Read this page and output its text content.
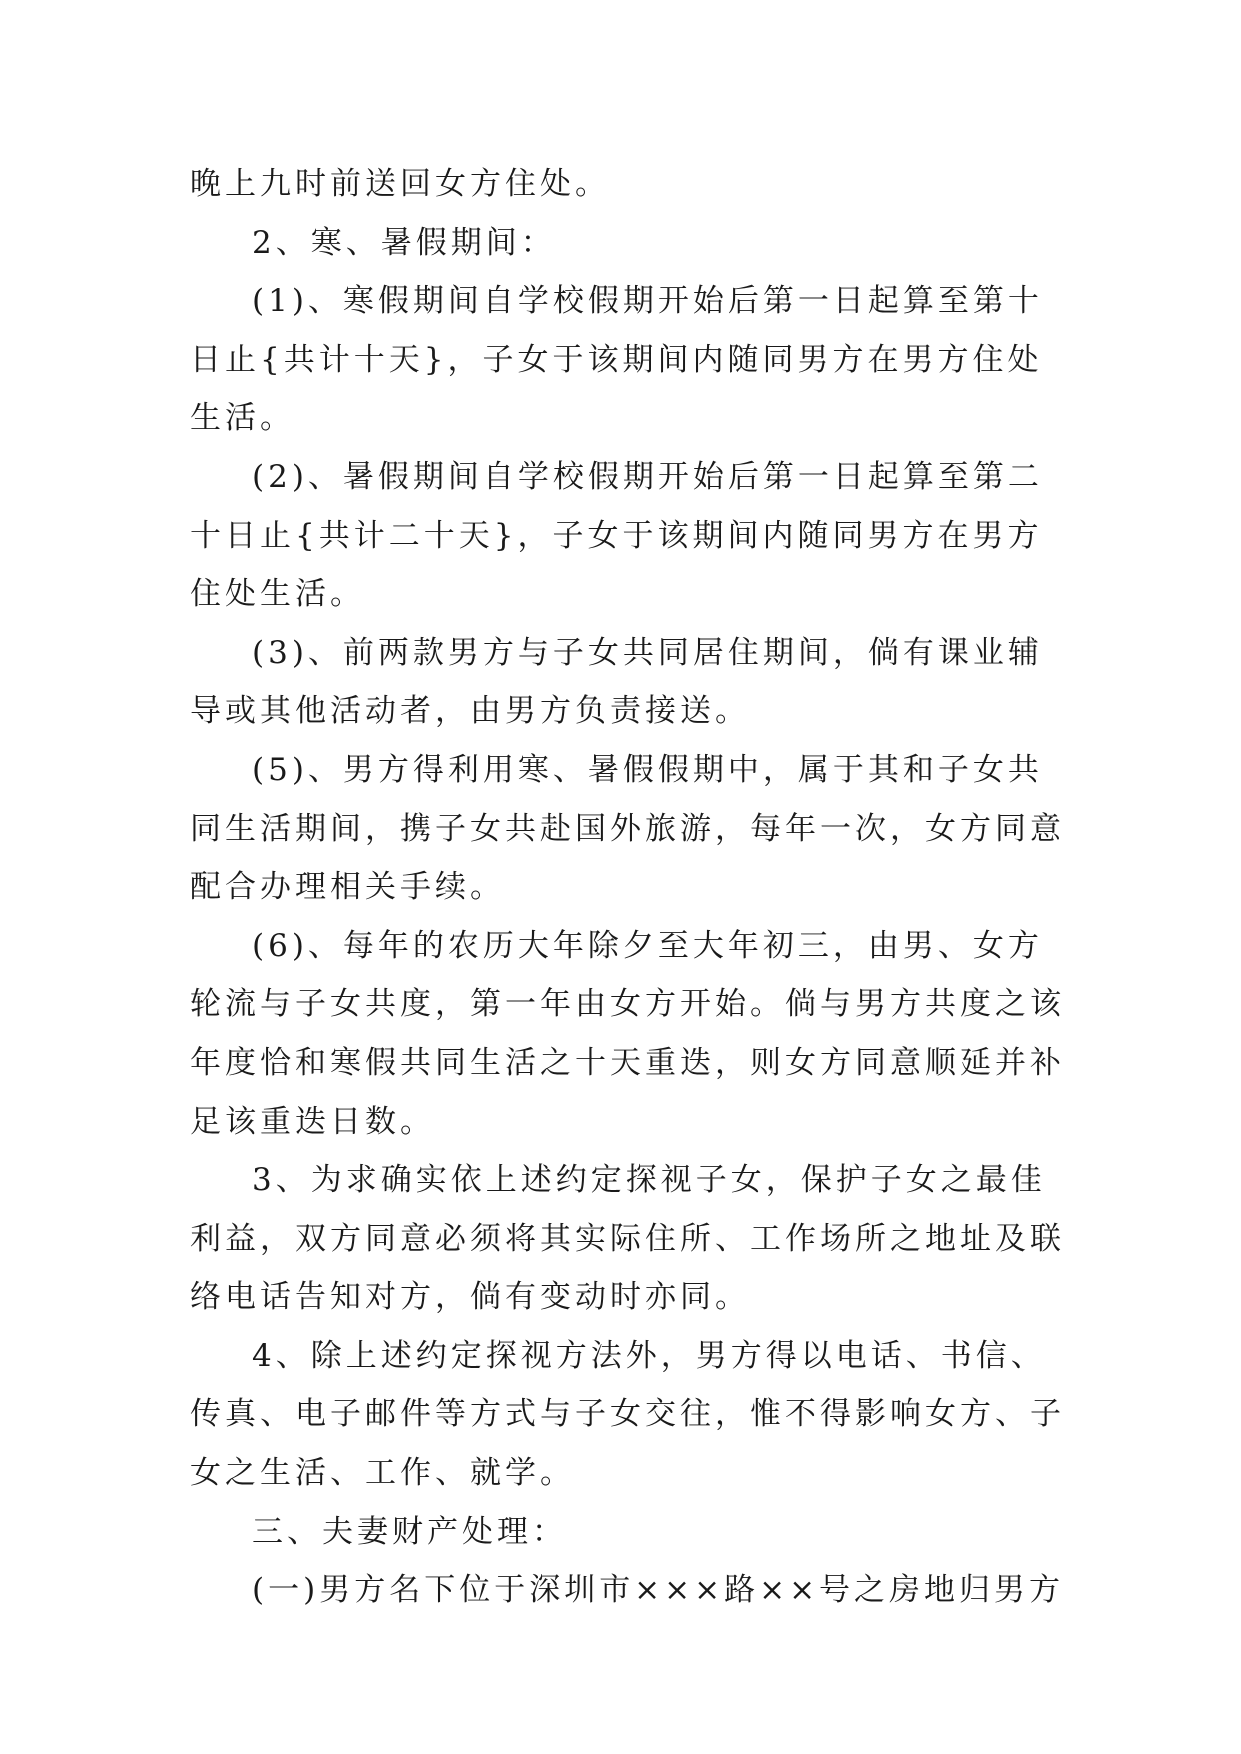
晚上九时前送回女方住处。

2、寒、暑假期间：

(1)、寒假期间自学校假期开始后第一日起算至第十日止{共计十天}，子女于该期间内随同男方在男方住处生活。

(2)、暑假期间自学校假期开始后第一日起算至第二十日止{共计二十天}，子女于该期间内随同男方在男方住处生活。

(3)、前两款男方与子女共同居住期间，倘有课业辅导或其他活动者，由男方负责接送。

(5)、男方得利用寒、暑假假期中，属于其和子女共同生活期间，携子女共赴国外旅游，每年一次，女方同意配合办理相关手续。

(6)、每年的农历大年除夕至大年初三，由男、女方轮流与子女共度，第一年由女方开始。倘与男方共度之该年度恰和寒假共同生活之十天重迭，则女方同意顺延并补足该重迭日数。

3、为求确实依上述约定探视子女，保护子女之最佳利益，双方同意必须将其实际住所、工作场所之地址及联络电话告知对方，倘有变动时亦同。

4、除上述约定探视方法外，男方得以电话、书信、传真、电子邮件等方式与子女交往，惟不得影响女方、子女之生活、工作、就学。

三、夫妻财产处理：

(一)男方名下位于深圳市×××路××号之房地归男方
